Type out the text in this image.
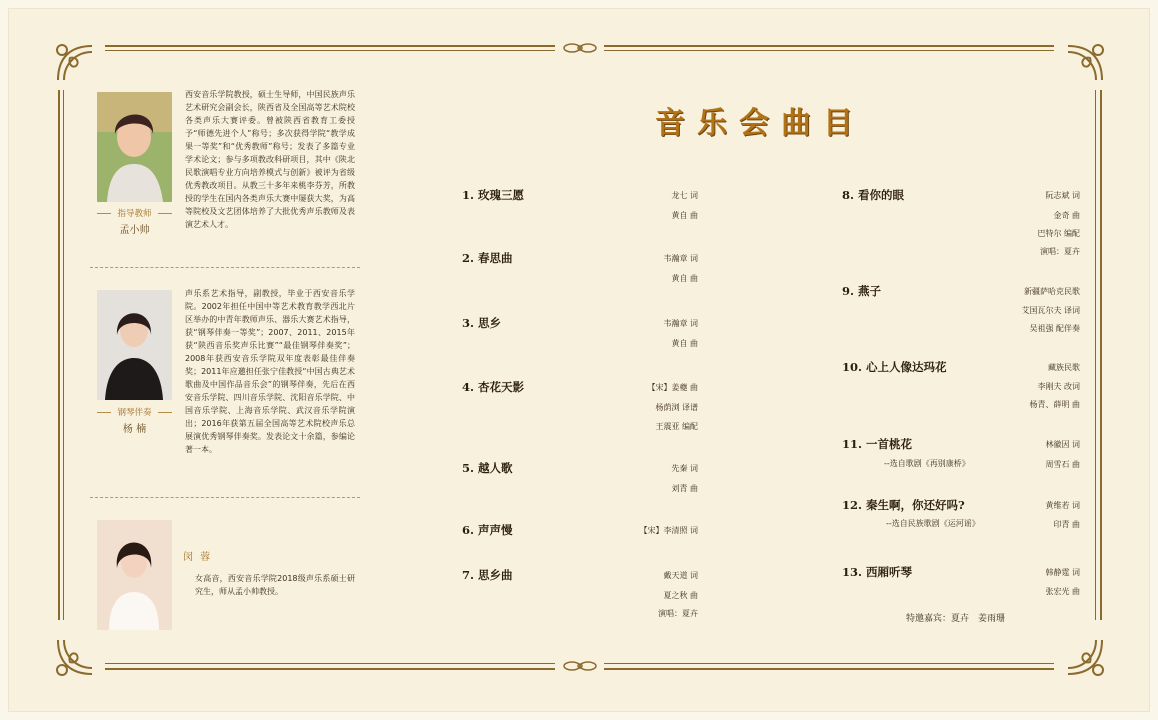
指导教师
孟小帅
西安音乐学院教授，硕士生导师，中国民族声乐艺术研究会副会长，陕西省及全国高等艺术院校各类声乐大赛评委。曾被陕西省教育工委授予“师德先进个人”称号；多次获得学院“教学成果一等奖”和“优秀教师”称号；发表了多篇专业学术论文；参与多项教改科研项目，其中《陕北民歌演唱专业方向培养模式与创新》被评为省级优秀教改项目。从教三十多年来桃李芬芳，所教授的学生在国内各类声乐大赛中屡获大奖，为高等院校及文艺团体培养了大批优秀声乐教师及表演艺术人才。
钢琴伴奏
杨 楠
声乐系艺术指导，副教授，毕业于西安音乐学院。2002年担任中国中等艺术教育教学西北片区举办的中青年教师声乐、器乐大赛艺术指导，获“钢琴伴奏一等奖”；2007、2011、2015年获“陕西音乐奖声乐比赛”“最佳钢琴伴奏奖”；2008年获西安音乐学院双年度表彰最佳伴奏奖；2011年应邀担任张宁佳教授“中国古典艺术歌曲及中国作品音乐会”的钢琴伴奏，先后在西安音乐学院、四川音乐学院、沈阳音乐学院、中国音乐学院、上海音乐学院、武汉音乐学院演出；2016年获第五届全国高等艺术院校声乐总展演优秀钢琴伴奏奖。发表论文十余篇，参编论著一本。
闵 蓉
女高音，西安音乐学院2018级声乐系硕士研究生，师从孟小帅教授。
音乐会曲目
1. 玫瑰三愿	龙七 词
黄自 曲
2. 春思曲	韦瀚章 词
黄自 曲
3. 思乡	韦瀚章 词
黄自 曲
4. 杏花天影	【宋】姜夔 曲
杨荫浏 译谱
王震亚 编配
5. 越人歌	先秦 词
刘青 曲
6. 声声慢	【宋】李清照 词
7. 思乡曲	戴天道 词
夏之秋 曲
演唱：夏卉
8. 看你的眼	阮志斌 词
金奇 曲
巴特尔 编配
演唱：夏卉
9. 燕子	新疆萨哈克民歌
艾国瓦尔夫 译词
吴祖强 配伴奏
10. 心上人像达玛花	藏族民歌
李刚夫 改词
杨青、薛明 曲
11. 一首桃花
--选自歌剧《再别康桥》
林徽因 词
周雪石 曲
12. 秦生啊，你还好吗?
--选自民族歌剧《运河谣》
黄维若 词
印青 曲
13. 西厢听琴	韩静霆 词
张宏光 曲
特邀嘉宾：夏卉　姜雨珊
